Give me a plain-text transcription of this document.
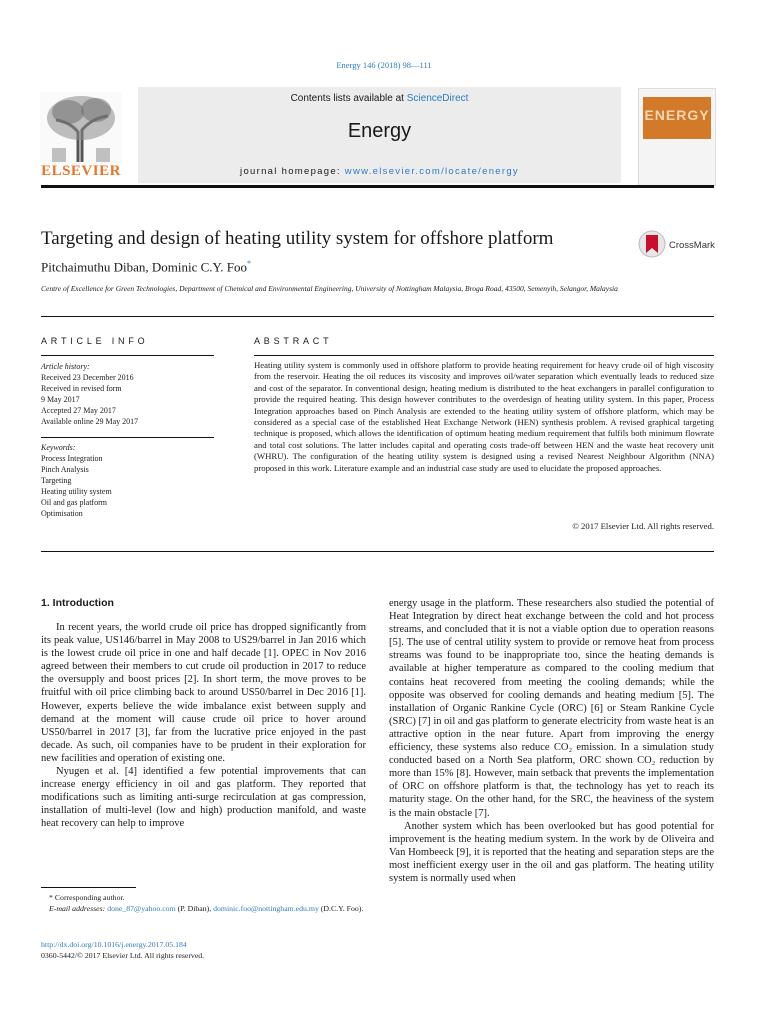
Energy 146 (2018) 98—111
ELSEVIER
Contents lists available at ScienceDirect
Energy
journal homepage: www.elsevier.com/locate/energy
ENERGY
Targeting and design of heating utility system for offshore platform	CrossMark
Pitchaimuthu Diban, Dominic C.Y. Foo*
Centre of Excellence for Green Technologies, Department of Chemical and Environmental Engineering, University of Nottingham Malaysia, Broga Road, 43500, Semenyih, Selangor, Malaysia
ARTICLE INFO	ABSTRACT
Article history:
Received 23 December 2016
Received in revised form
9 May 2017
Accepted 27 May 2017
Available online 29 May 2017
Keywords:
Process Integration
Pinch Analysis
Targeting
Heating utility system
Oil and gas platform
Optimisation
Heating utility system is commonly used in offshore platform to provide heating requirement for heavy crude oil of high viscosity from the reservoir. Heating the oil reduces its viscosity and improves oil/water separation which eventually leads to reduced size and cost of the separator. In conventional design, heating medium is distributed to the heat exchangers in parallel configuration to provide the required heating. This design however contributes to the overdesign of heating utility system. In this paper, Process Integration approaches based on Pinch Analysis are extended to the heating utility system of offshore platform, which may be considered as a special case of the established Heat Exchange Network (HEN) synthesis problem. A revised graphical targeting technique is proposed, which allows the identification of optimum heating medium requirement that fulfils both minimum flowrate and total cost solutions. The latter includes capital and operating costs trade-off between HEN and the waste heat recovery unit (WHRU). The configuration of the heating utility system is designed using a revised Nearest Neighbour Algorithm (NNA) proposed in this work. Literature example and an industrial case study are used to elucidate the proposed approaches.
© 2017 Elsevier Ltd. All rights reserved.
1. Introduction

In recent years, the world crude oil price has dropped significantly from its peak value, US146/barrel in May 2008 to US29/barrel in Jan 2016 which is the lowest crude oil price in one and half decade [1]. OPEC in Nov 2016 agreed between their members to cut crude oil production in 2017 to reduce the oversupply and boost prices [2]. In short term, the move proves to be fruitful with oil price climbing back to around US50/barrel in Dec 2016 [1]. However, experts believe the wide imbalance exist between supply and demand at the moment will cause crude oil price to hover around US50/barrel in 2017 [3], far from the lucrative price enjoyed in the past decade. As such, oil companies have to be prudent in their exploration for new facilities and operation of existing one.

Nyugen et al. [4] identified a few potential improvements that can increase energy efficiency in oil and gas platform. They reported that modifications such as limiting anti-surge recirculation at gas compression, installation of multi-level (low and high) production manifold, and waste heat recovery can help to improve

energy usage in the platform. These researchers also studied the potential of Heat Integration by direct heat exchange between the cold and hot process streams, and concluded that it is not a viable option due to operation reasons [5]. The use of central utility system to provide or remove heat from process streams was found to be inappropriate too, since the heating demands is available at higher temperature as compared to the cooling medium that contains heat recovered from meeting the cooling demands; while the opposite was observed for cooling demands and heating medium [5]. The installation of Organic Rankine Cycle (ORC) [6] or Steam Rankine Cycle (SRC) [7] in oil and gas platform to generate electricity from waste heat is an attractive option in the near future. Apart from improving the energy efficiency, these systems also reduce CO₂ emission. In a simulation study conducted based on a North Sea platform, ORC shown CO₂ reduction by more than 15% [8]. However, main setback that prevents the implementation of ORC on offshore platform is that, the technology has yet to reach its maturity stage. On the other hand, for the SRC, the heaviness of the system is the main obstacle [7].

Another system which has been overlooked but has good potential for improvement is the heating medium system. In the work by de Oliveira and Van Hombeeck [9], it is reported that the heating and separation steps are the most inefficient exergy user in the oil and gas platform. The heating utility system is normally used when

* Corresponding author.
E-mail addresses: done_87@yahoo.com (P. Diban), dominic.foo@nottingham.edu.my (D.C.Y. Foo).
http://dx.doi.org/10.1016/j.energy.2017.05.184
0360-5442/© 2017 Elsevier Ltd. All rights reserved.
